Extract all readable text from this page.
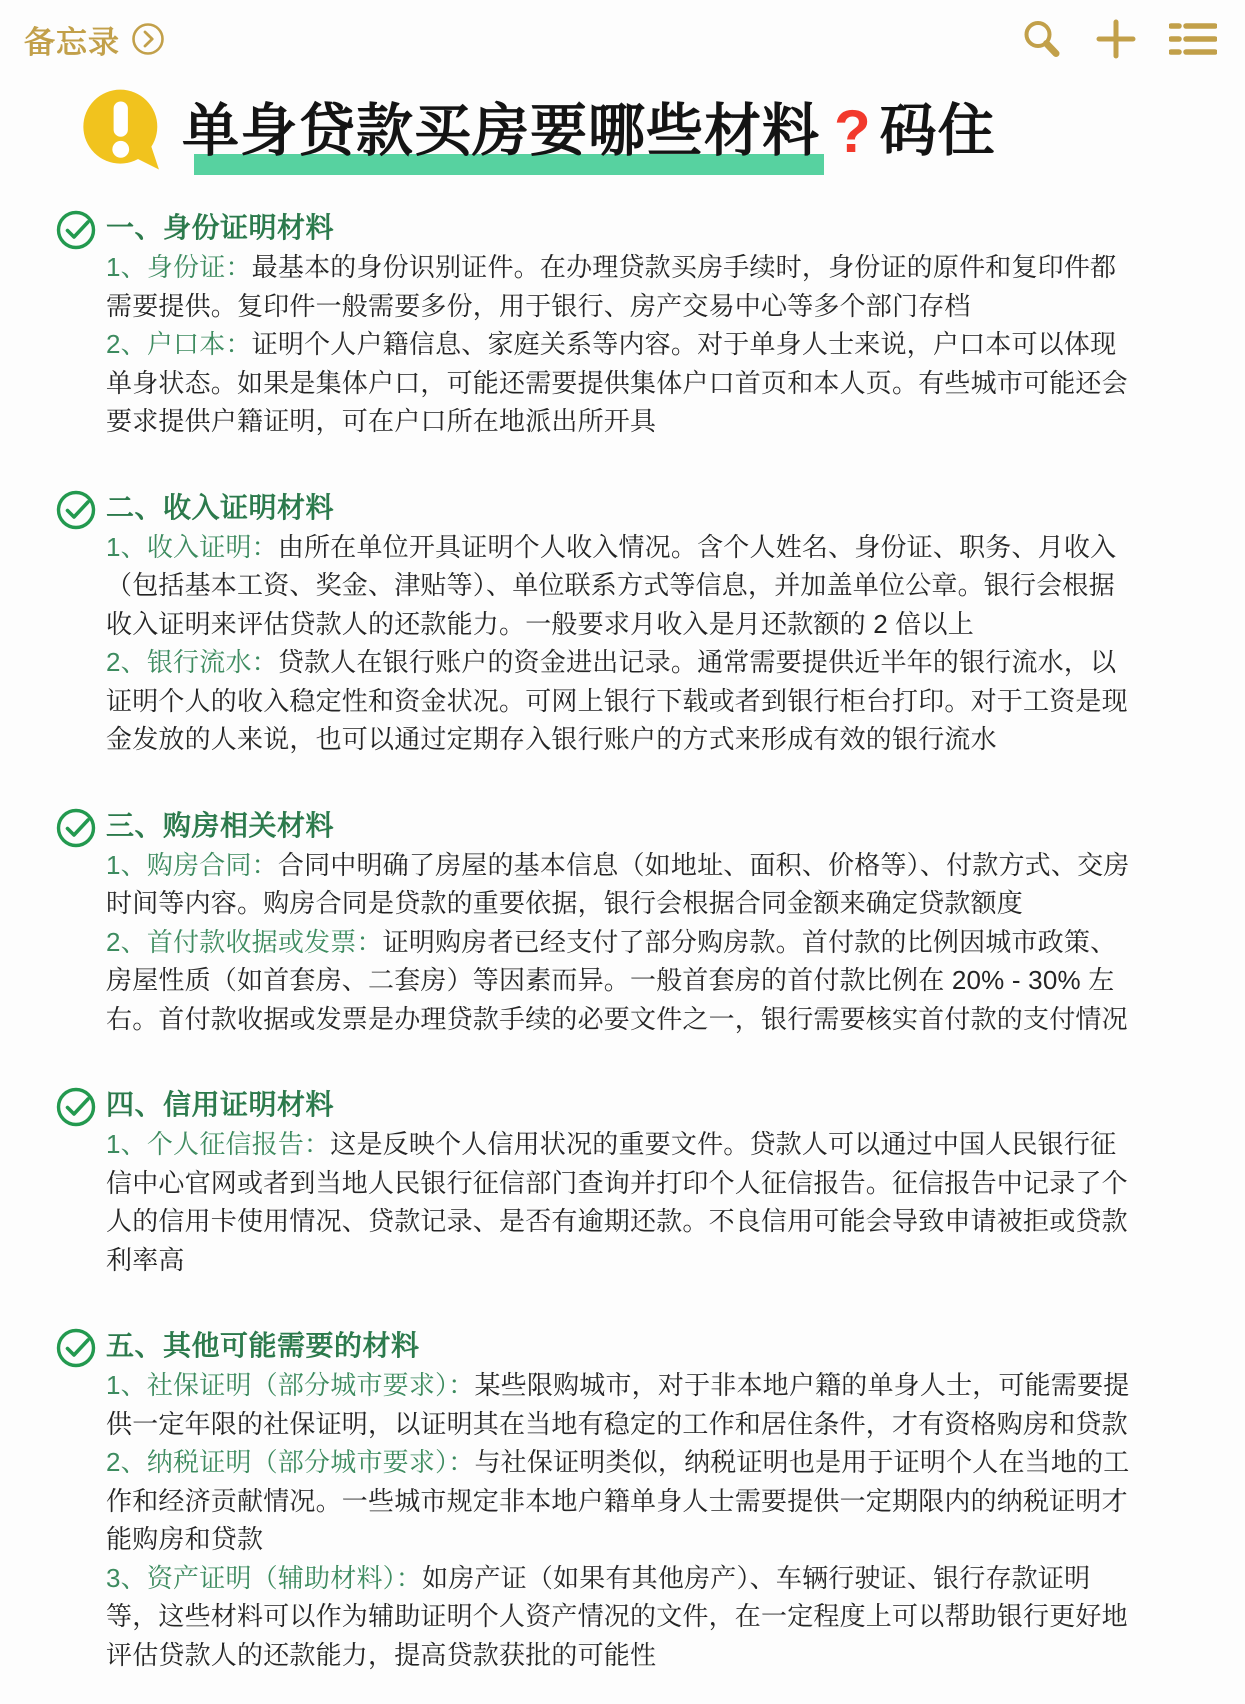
备忘录
单身贷款买房要哪些材料 ? 码住
一、身份证明材料

1、身份证：最基本的身份识别证件。在办理贷款买房手续时，身份证的原件和复印件都需要提供。复印件一般需要多份，用于银行、房产交易中心等多个部门存档

2、户口本：证明个人户籍信息、家庭关系等内容。对于单身人士来说，户口本可以体现单身状态。如果是集体户口，可能还需要提供集体户口首页和本人页。有些城市可能还会要求提供户籍证明，可在户口所在地派出所开具

二、收入证明材料

1、收入证明：由所在单位开具证明个人收入情况。含个人姓名、身份证、职务、月收入（包括基本工资、奖金、津贴等）、单位联系方式等信息，并加盖单位公章。银行会根据收入证明来评估贷款人的还款能力。一般要求月收入是月还款额的 2 倍以上

2、银行流水：贷款人在银行账户的资金进出记录。通常需要提供近半年的银行流水，以证明个人的收入稳定性和资金状况。可网上银行下载或者到银行柜台打印。对于工资是现金发放的人来说，也可以通过定期存入银行账户的方式来形成有效的银行流水

三、购房相关材料

1、购房合同：合同中明确了房屋的基本信息（如地址、面积、价格等）、付款方式、交房时间等内容。购房合同是贷款的重要依据，银行会根据合同金额来确定贷款额度

2、首付款收据或发票：证明购房者已经支付了部分购房款。首付款的比例因城市政策、房屋性质（如首套房、二套房）等因素而异。一般首套房的首付款比例在 20% - 30% 左右。首付款收据或发票是办理贷款手续的必要文件之一，银行需要核实首付款的支付情况

四、信用证明材料

1、个人征信报告：这是反映个人信用状况的重要文件。贷款人可以通过中国人民银行征信中心官网或者到当地人民银行征信部门查询并打印个人征信报告。征信报告中记录了个人的信用卡使用情况、贷款记录、是否有逾期还款。不良信用可能会导致申请被拒或贷款利率高

五、其他可能需要的材料

1、社保证明（部分城市要求）：某些限购城市，对于非本地户籍的单身人士，可能需要提供一定年限的社保证明，以证明其在当地有稳定的工作和居住条件，才有资格购房和贷款

2、纳税证明（部分城市要求）：与社保证明类似，纳税证明也是用于证明个人在当地的工作和经济贡献情况。一些城市规定非本地户籍单身人士需要提供一定期限内的纳税证明才能购房和贷款

3、资产证明（辅助材料）：如房产证（如果有其他房产）、车辆行驶证、银行存款证明等，这些材料可以作为辅助证明个人资产情况的文件，在一定程度上可以帮助银行更好地评估贷款人的还款能力，提高贷款获批的可能性
